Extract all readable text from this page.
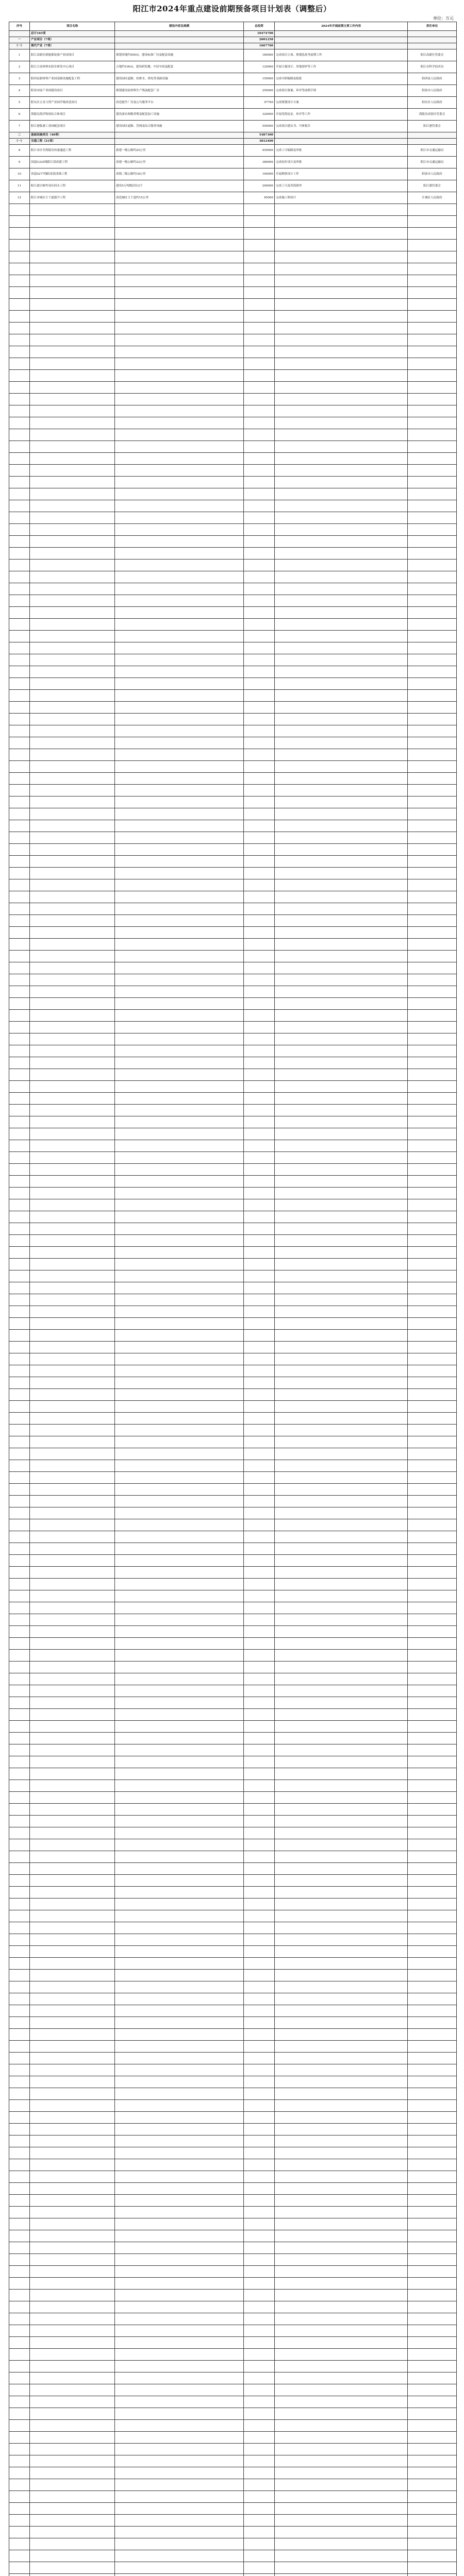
阳江市2024年重点建设前期预备项目计划表（调整后）
单位：万元
序号	项目名称	建设内容及规模	总投资	2024年开展前期主要工作内容	责任单位
	总计165项		10474700		
一	产业项目（7项）		2001258		
（一）	现代产业（7项）		1667760		
1	阳江高新区新能源装备产业园项目	规划用地约500亩，建设标准厂房及配套设施	180000	完成项目立项、规划选址等前期工作	阳江高新区管委会
2	阳江合金材料实验室研发中心项目	占地约100亩，建设研发楼、中试车间及配套	120000	开展方案设计、用地预审等工作	阳江市科学技术局
3	阳西县新材料产业园基础设施配套工程	建设园区道路、给排水、供电等基础设施	150000	完成可研编制及报批	阳西县人民政府
4	阳春市硅产业园建设项目	规划建设硅材料生产线及配套厂房	250000	完成项目备案、环评等前期手续	阳春市人民政府
5	阳东区五金刀剪产业园升级改造项目	改造提升厂房及公共服务平台	97760	完成规划设计方案	阳东区人民政府
6	海陵岛海洋牧场综合体项目	建设深水网箱养殖及配套加工设施	320000	开展用海论证、环评等工作	海陵岛试验区管委会
7	阳江港临港工业园配套项目	建设园区道路、管网及综合服务设施	550000	完成项目建议书、可研报告	阳江港管委会
二	基础设施项目（48项）		5487300		
（一）	交通工程（21项）		3812400		
8	阳江市区至海陵岛快速通道工程	新建一级公路约25公里	450000	完成工可编制及审批	阳江市交通运输局
9	国道G325线阳江段改建工程	改建一级公路约32公里	380000	完成初步设计及审批	阳江市交通运输局
10	省道S277线阳春段改线工程	改线二级公路约18公里	160000	开展勘察设计工作	阳春市人民政府
11	阳江港吉树作业区码头工程	建设5万吨级泊位2个	290000	完成工可及用海预审	阳江港管委会
12	阳江市城区主干道提升工程	改造城区主干道约15公里	85000	完成施工图设计	江城区人民政府
